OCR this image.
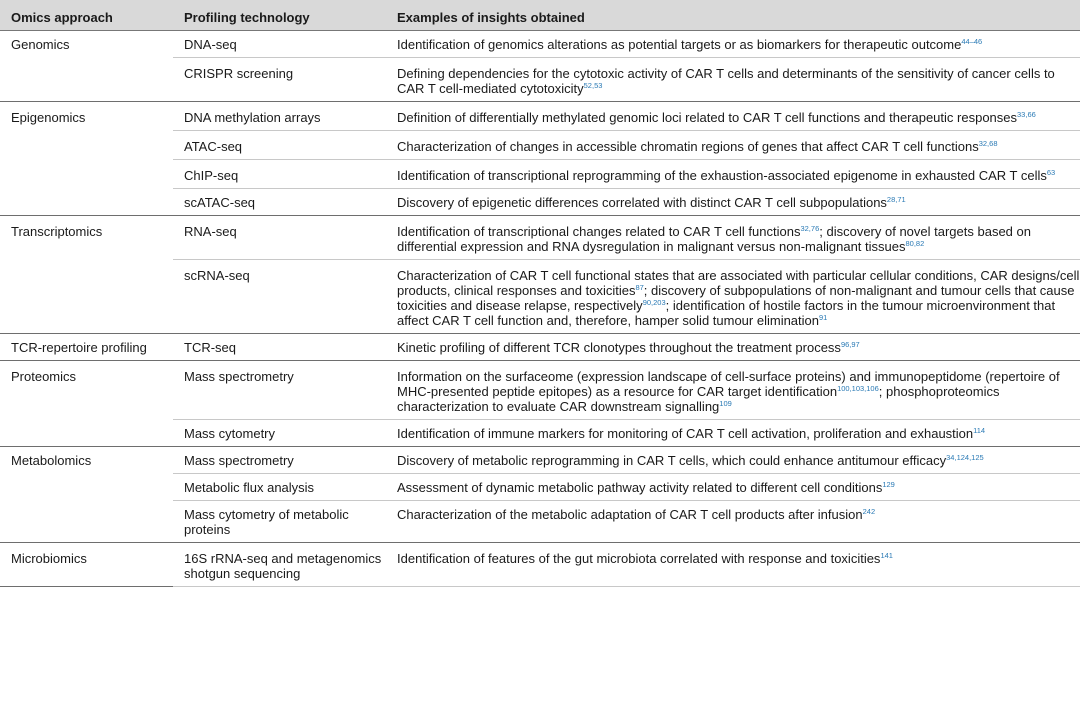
Omics approach	Profiling technology	Examples of insights obtained
Genomics	DNA-seq	Identification of genomics alterations as potential targets or as biomarkers for therapeutic outcome$^{44-46}$
	CRISPR screening	Defining dependencies for the cytotoxic activity of CAR T cells and determinants of the sensitivity of cancer cells to CAR T cell-mediated cytotoxicity$^{52,53}$
Epigenomics	DNA methylation arrays	Definition of differentially methylated genomic loci related to CAR T cell functions and therapeutic responses$^{33,66}$
	ATAC-seq	Characterization of changes in accessible chromatin regions of genes that affect CAR T cell functions$^{32,68}$
	ChIP-seq	Identification of transcriptional reprogramming of the exhaustion-associated epigenome in exhausted CAR T cells$^{63}$
	scATAC-seq	Discovery of epigenetic differences correlated with distinct CAR T cell subpopulations$^{28,71}$
Transcriptomics	RNA-seq	Identification of transcriptional changes related to CAR T cell functions$^{32,76}$; discovery of novel targets based on differential expression and RNA dysregulation in malignant versus non-malignant tissues$^{80,82}$
	scRNA-seq	Characterization of CAR T cell functional states that are associated with particular cellular conditions, CAR designs/cell products, clinical responses and toxicities$^{87}$; discovery of subpopulations of non-malignant and tumour cells that cause toxicities and disease relapse, respectively$^{90,203}$; identification of hostile factors in the tumour microenvironment that affect CAR T cell function and, therefore, hamper solid tumour elimination$^{91}$
TCR-repertoire profiling	TCR-seq	Kinetic profiling of different TCR clonotypes throughout the treatment process$^{96,97}$
Proteomics	Mass spectrometry	Information on the surfaceome (expression landscape of cell-surface proteins) and immunopeptidome (repertoire of MHC-presented peptide epitopes) as a resource for CAR target identification$^{100,103,106}$; phosphoproteomics characterization to evaluate CAR downstream signalling$^{109}$
	Mass cytometry	Identification of immune markers for monitoring of CAR T cell activation, proliferation and exhaustion$^{114}$
Metabolomics	Mass spectrometry	Discovery of metabolic reprogramming in CAR T cells, which could enhance antitumour efficacy$^{34,124,125}$
	Metabolic flux analysis	Assessment of dynamic metabolic pathway activity related to different cell conditions$^{129}$
	Mass cytometry of metabolic proteins	Characterization of the metabolic adaptation of CAR T cell products after infusion$^{242}$
Microbiomics	16S rRNA-seq and metagenomics shotgun sequencing	Identification of features of the gut microbiota correlated with response and toxicities$^{141}$
